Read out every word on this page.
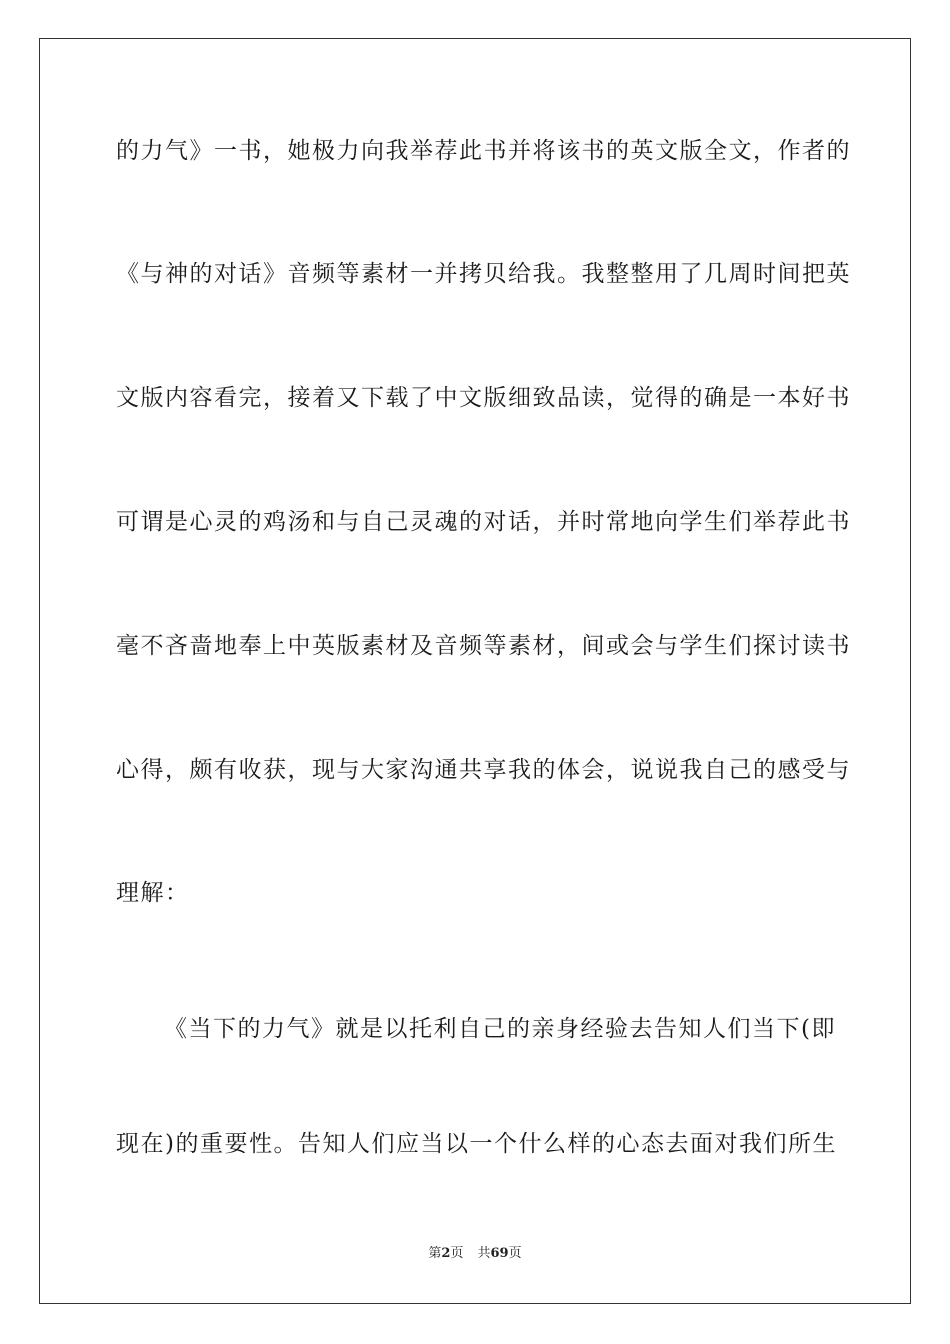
的力气》一书，她极力向我举荐此书并将该书的英文版全文，作者的
《与神的对话》音频等素材一并拷贝给我。我整整用了几周时间把英
文版内容看完，接着又下载了中文版细致品读，觉得的确是一本好书
可谓是心灵的鸡汤和与自己灵魂的对话，并时常地向学生们举荐此书
毫不吝啬地奉上中英版素材及音频等素材，间或会与学生们探讨读书
心得，颇有收获，现与大家沟通共享我的体会，说说我自己的感受与
理解：
《当下的力气》就是以托利自己的亲身经验去告知人们当下(即
现在)的重要性。告知人们应当以一个什么样的心态去面对我们所生
第2页 共69页
